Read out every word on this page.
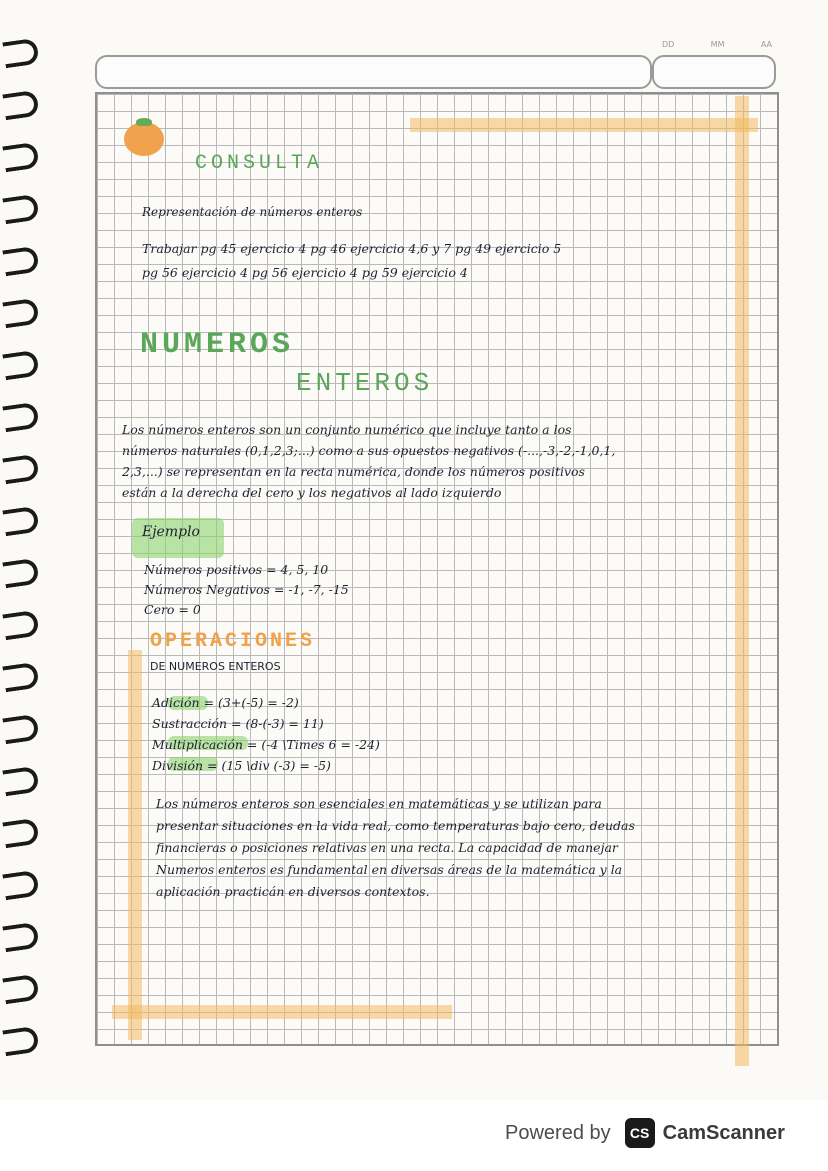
DD	MM	AA
CONSULTA
Representación de números enteros
Trabajar pg 45 ejercicio 4 pg 46 ejercicio 4,6 y 7 pg 49 ejercicio 5
pg 56 ejercicio 4 pg 56 ejercicio 4 pg 59 ejercicio 4
NUMEROS
ENTEROS
Los números enteros son un conjunto numérico que incluye tanto a los
números naturales (0,1,2,3;...) como a sus opuestos negativos (-...,-3,-2,-1,0,1,
2,3,...) se representan en la recta numérica, donde los números positivos
están a la derecha del cero y los negativos al lado izquierdo
Ejemplo
Números positivos = 4, 5, 10
Números Negativos = -1, -7, -15
Cero = 0
OPERACIONES
DE NUMEROS ENTEROS
Adición = (3+(-5) = -2)
Sustracción = (8-(-3) = 11)
Multiplicación = (-4 \Times 6 = -24)
División = (15 \div (-3) = -5)
Los números enteros son esenciales en matemáticas y se utilizan para
presentar situaciones en la vida real, como temperaturas bajo cero, deudas
financieras o posiciones relativas en una recta. La capacidad de manejar
Numeros enteros es fundamental en diversas áreas de la matemática y la
aplicación practicán en diversos contextos.
Powered by	CS CamScanner
